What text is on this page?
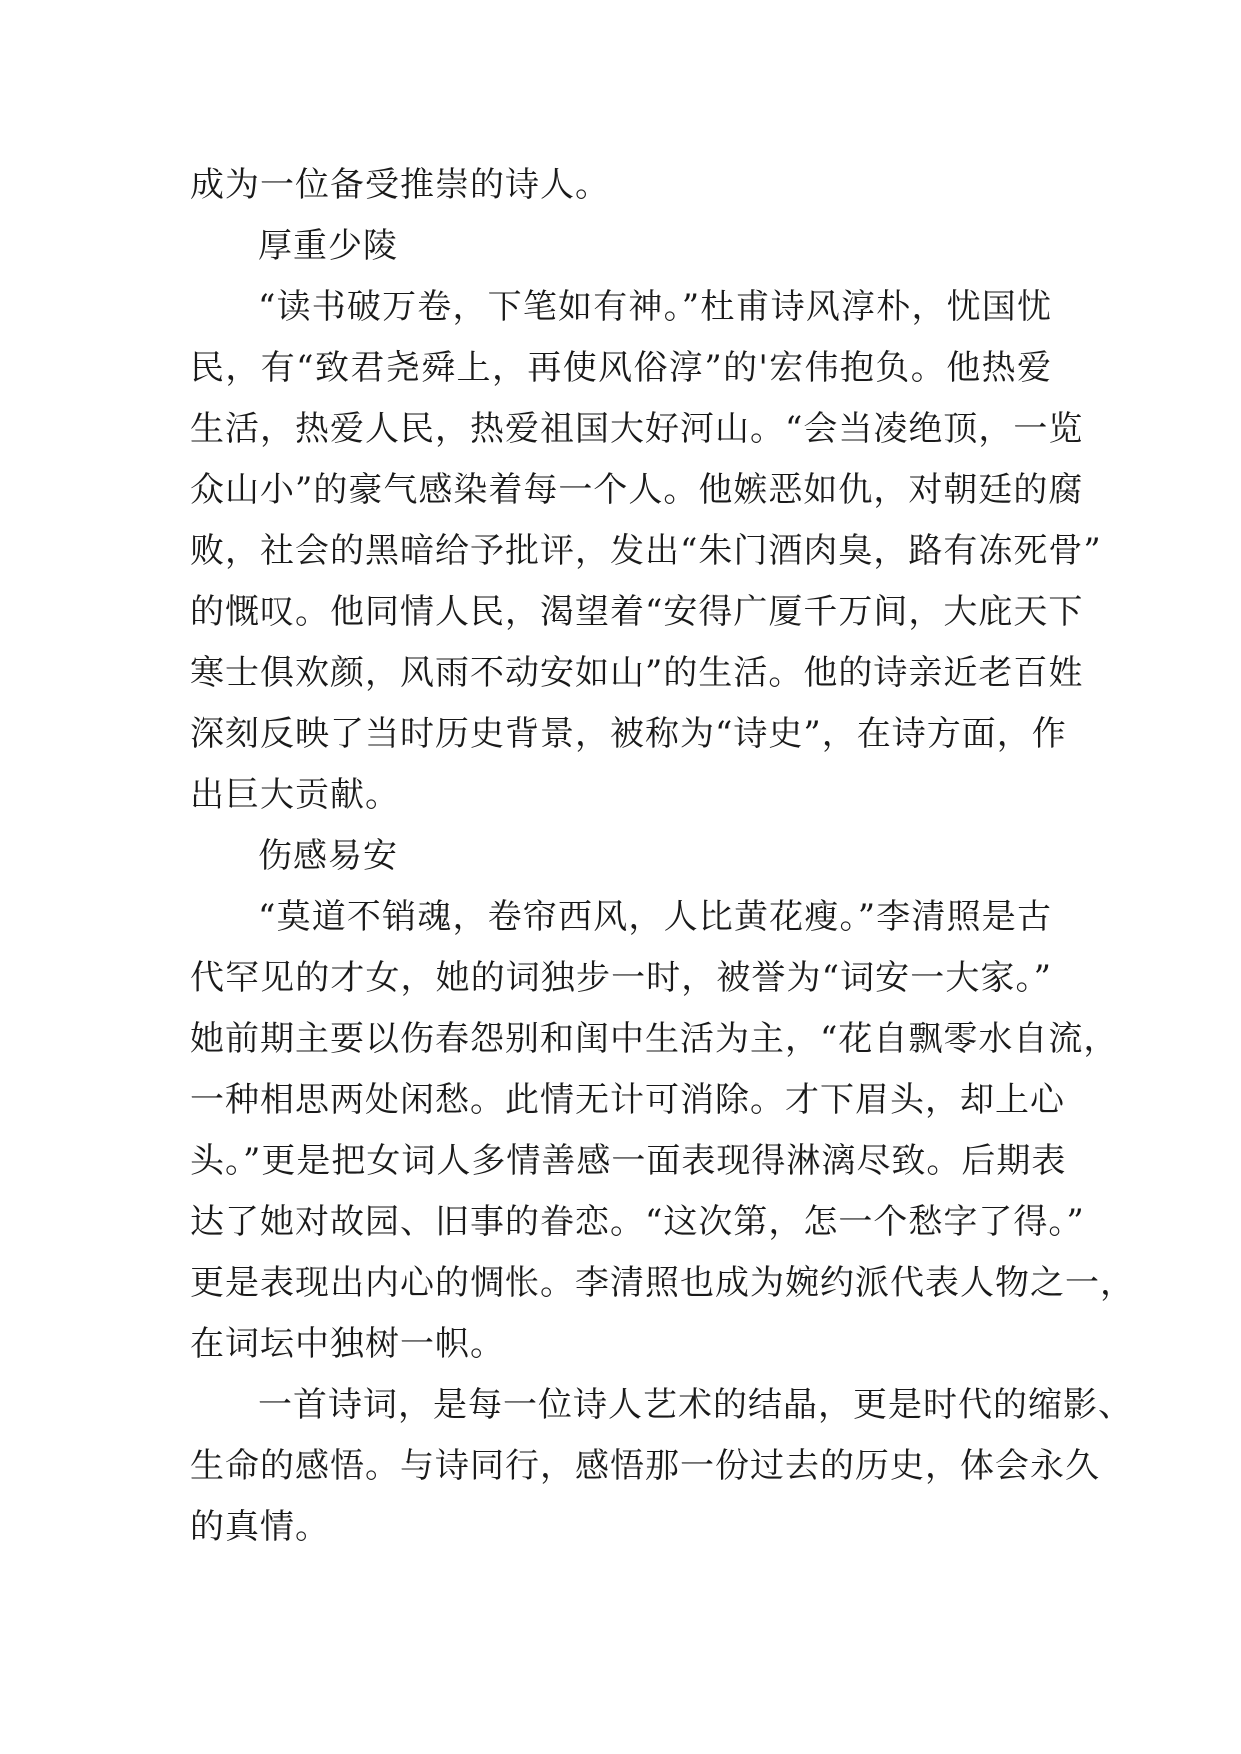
成为一位备受推崇的诗人。
厚重少陵
“读书破万卷，下笔如有神。”杜甫诗风淳朴，忧国忧
民，有“致君尧舜上，再使风俗淳”的'宏伟抱负。他热爱
生活，热爱人民，热爱祖国大好河山。“会当凌绝顶，一览
众山小”的豪气感染着每一个人。他嫉恶如仇，对朝廷的腐
败，社会的黑暗给予批评，发出“朱门酒肉臭，路有冻死骨”
的慨叹。他同情人民，渴望着“安得广厦千万间，大庇天下
寒士俱欢颜，风雨不动安如山”的生活。他的诗亲近老百姓
深刻反映了当时历史背景，被称为“诗史”，在诗方面，作
出巨大贡献。
伤感易安
“莫道不销魂，卷帘西风，人比黄花瘦。”李清照是古
代罕见的才女，她的词独步一时，被誉为“词安一大家。”
她前期主要以伤春怨别和闺中生活为主，“花自飘零水自流，
一种相思两处闲愁。此情无计可消除。才下眉头，却上心
头。”更是把女词人多情善感一面表现得淋漓尽致。后期表
达了她对故园、旧事的眷恋。“这次第，怎一个愁字了得。”
更是表现出内心的惆怅。李清照也成为婉约派代表人物之一，
在词坛中独树一帜。
一首诗词，是每一位诗人艺术的结晶，更是时代的缩影、
生命的感悟。与诗同行，感悟那一份过去的历史，体会永久
的真情。
